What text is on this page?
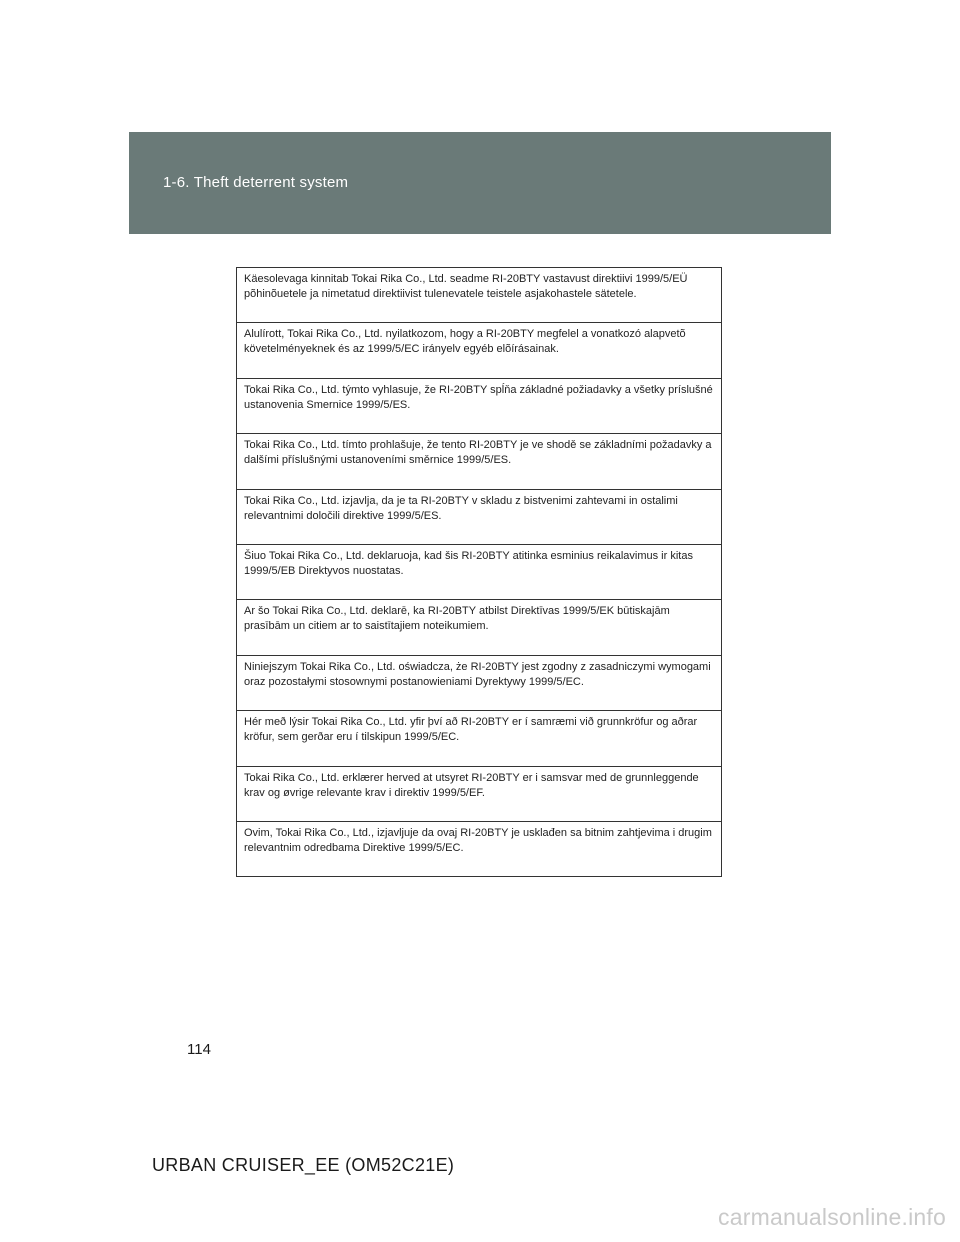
1-6. Theft deterrent system
Käesolevaga kinnitab Tokai Rika Co., Ltd. seadme RI-20BTY vastavust direktiivi 1999/5/EÜ põhinõuetele ja nimetatud direktiivist tulenevatele teistele asjakohastele sätetele.
Alulírott, Tokai Rika Co., Ltd. nyilatkozom, hogy a RI-20BTY megfelel a vonatkozó alapvetõ követelményeknek és az 1999/5/EC irányelv egyéb elõírásainak.
Tokai Rika Co., Ltd. týmto vyhlasuje, že RI-20BTY spĺňa základné požiadavky a všetky príslušné ustanovenia Smernice 1999/5/ES.
Tokai Rika Co., Ltd. tímto prohlašuje, že tento RI-20BTY je ve shodě se základními požadavky a dalšími příslušnými ustanoveními směrnice 1999/5/ES.
Tokai Rika Co., Ltd. izjavlja, da je ta RI-20BTY v skladu z bistvenimi zahtevami in ostalimi relevantnimi določili direktive 1999/5/ES.
Šiuo Tokai Rika Co., Ltd. deklaruoja, kad šis RI-20BTY atitinka esminius reikalavimus ir kitas 1999/5/EB Direktyvos nuostatas.
Ar šo Tokai Rika Co., Ltd. deklarē, ka RI-20BTY atbilst Direktīvas 1999/5/EK būtiskajām prasībām un citiem ar to saistītajiem noteikumiem.
Niniejszym Tokai Rika Co., Ltd. oświadcza, że RI-20BTY jest zgodny z zasadniczymi wymogami oraz pozostałymi stosownymi postanowieniami Dyrektywy 1999/5/EC.
Hér með lýsir Tokai Rika Co., Ltd. yfir því að RI-20BTY er í samræmi við grunnkröfur og aðrar kröfur, sem gerðar eru í tilskipun 1999/5/EC.
Tokai Rika Co., Ltd. erklærer herved at utsyret RI-20BTY er i samsvar med de grunnleggende krav og øvrige relevante krav i direktiv 1999/5/EF.
Ovim, Tokai Rika Co., Ltd., izjavljuje da ovaj RI-20BTY je usklađen sa bitnim zahtjevima i drugim relevantnim odredbama Direktive 1999/5/EC.
114
URBAN CRUISER_EE (OM52C21E)
carmanualsonline.info
